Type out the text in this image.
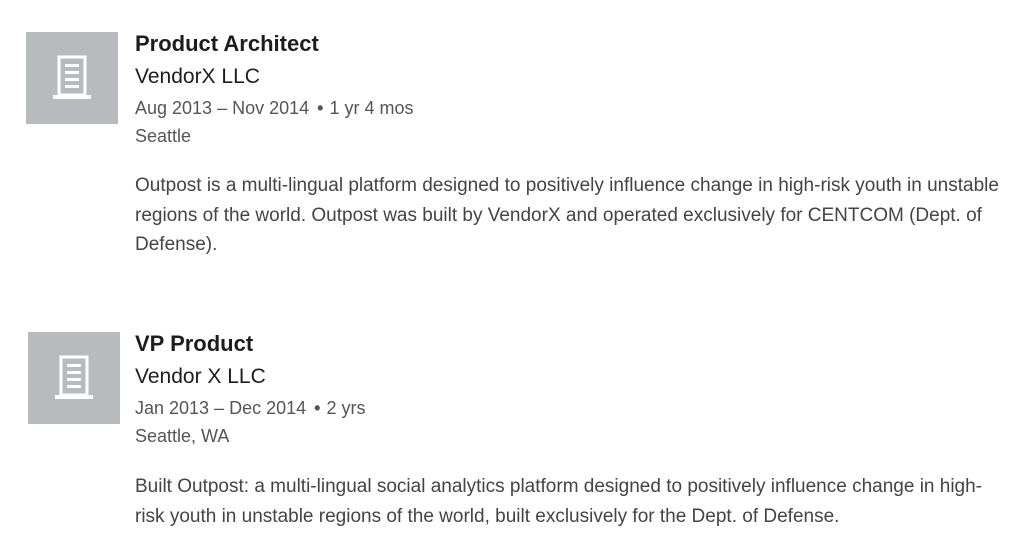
Product Architect
VendorX LLC
Aug 2013 – Nov 2014 • 1 yr 4 mos
Seattle
Outpost is a multi-lingual platform designed to positively influence change in high-risk youth in unstable regions of the world. Outpost was built by VendorX and operated exclusively for CENTCOM (Dept. of Defense).
VP Product
Vendor X LLC
Jan 2013 – Dec 2014 • 2 yrs
Seattle, WA
Built Outpost: a multi-lingual social analytics platform designed to positively influence change in high-risk youth in unstable regions of the world, built exclusively for the Dept. of Defense.
